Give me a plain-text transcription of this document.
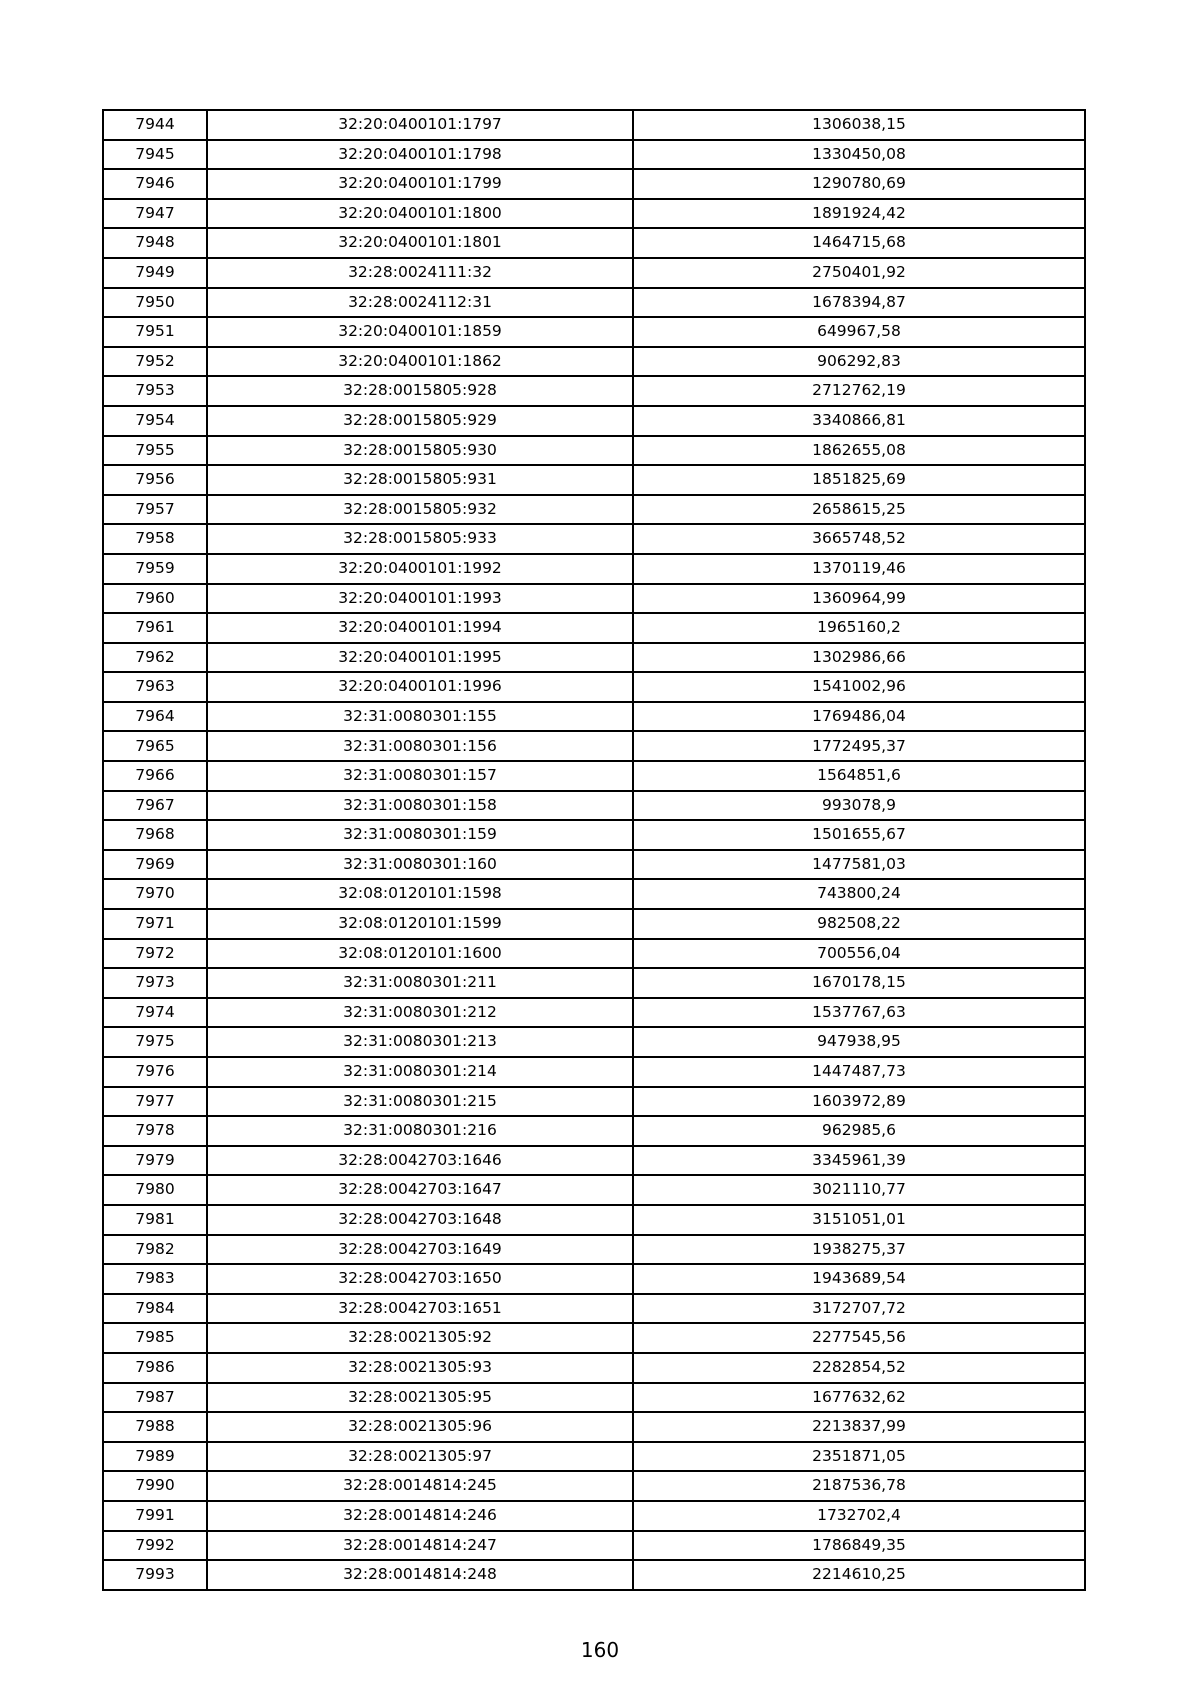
7944	32:20:0400101:1797	1306038,15
7945	32:20:0400101:1798	1330450,08
7946	32:20:0400101:1799	1290780,69
7947	32:20:0400101:1800	1891924,42
7948	32:20:0400101:1801	1464715,68
7949	32:28:0024111:32	2750401,92
7950	32:28:0024112:31	1678394,87
7951	32:20:0400101:1859	649967,58
7952	32:20:0400101:1862	906292,83
7953	32:28:0015805:928	2712762,19
7954	32:28:0015805:929	3340866,81
7955	32:28:0015805:930	1862655,08
7956	32:28:0015805:931	1851825,69
7957	32:28:0015805:932	2658615,25
7958	32:28:0015805:933	3665748,52
7959	32:20:0400101:1992	1370119,46
7960	32:20:0400101:1993	1360964,99
7961	32:20:0400101:1994	1965160,2
7962	32:20:0400101:1995	1302986,66
7963	32:20:0400101:1996	1541002,96
7964	32:31:0080301:155	1769486,04
7965	32:31:0080301:156	1772495,37
7966	32:31:0080301:157	1564851,6
7967	32:31:0080301:158	993078,9
7968	32:31:0080301:159	1501655,67
7969	32:31:0080301:160	1477581,03
7970	32:08:0120101:1598	743800,24
7971	32:08:0120101:1599	982508,22
7972	32:08:0120101:1600	700556,04
7973	32:31:0080301:211	1670178,15
7974	32:31:0080301:212	1537767,63
7975	32:31:0080301:213	947938,95
7976	32:31:0080301:214	1447487,73
7977	32:31:0080301:215	1603972,89
7978	32:31:0080301:216	962985,6
7979	32:28:0042703:1646	3345961,39
7980	32:28:0042703:1647	3021110,77
7981	32:28:0042703:1648	3151051,01
7982	32:28:0042703:1649	1938275,37
7983	32:28:0042703:1650	1943689,54
7984	32:28:0042703:1651	3172707,72
7985	32:28:0021305:92	2277545,56
7986	32:28:0021305:93	2282854,52
7987	32:28:0021305:95	1677632,62
7988	32:28:0021305:96	2213837,99
7989	32:28:0021305:97	2351871,05
7990	32:28:0014814:245	2187536,78
7991	32:28:0014814:246	1732702,4
7992	32:28:0014814:247	1786849,35
7993	32:28:0014814:248	2214610,25
160
